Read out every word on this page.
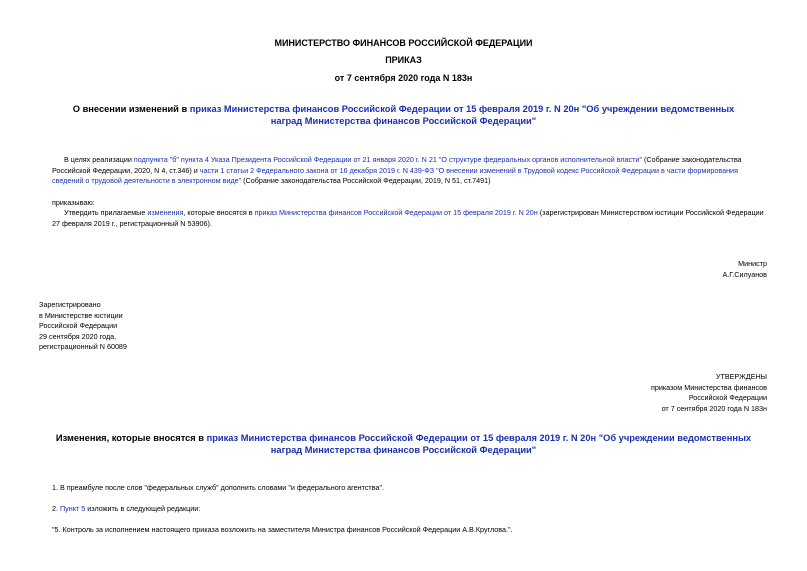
МИНИСТЕРСТВО ФИНАНСОВ РОССИЙСКОЙ ФЕДЕРАЦИИ
ПРИКАЗ
от 7 сентября 2020 года N 183н
О внесении изменений в приказ Министерства финансов Российской Федерации от 15 февраля 2019 г. N 20н "Об учреждении ведомственных наград Министерства финансов Российской Федерации"
В целях реализации подпункта "б" пункта 4 Указа Президента Российской Федерации от 21 января 2020 г. N 21 "О структуре федеральных органов исполнительной власти" (Собрание законодательства Российской Федерации, 2020, N 4, ст.346) и части 1 статьи 2 Федерального закона от 16 декабря 2019 г. N 439-ФЗ "О внесении изменений в Трудовой кодекс Российской Федерации в части формирования сведений о трудовой деятельности в электронном виде" (Собрание законодательства Российской Федерации, 2019, N 51, ст.7491)
приказываю:
Утвердить прилагаемые изменения, которые вносятся в приказ Министерства финансов Российской Федерации от 15 февраля 2019 г. N 20н (зарегистрирован Министерством юстиции Российской Федерации 27 февраля 2019 г., регистрационный N 53906).
Министр
А.Г.Силуанов
Зарегистрировано
в Министерстве юстиции
Российской Федерации
29 сентября 2020 года,
регистрационный N 60089
УТВЕРЖДЕНЫ
приказом Министерства финансов
Российской Федерации
от 7 сентября 2020 года N 183н
Изменения, которые вносятся в приказ Министерства финансов Российской Федерации от 15 февраля 2019 г. N 20н "Об учреждении ведомственных наград Министерства финансов Российской Федерации"
1. В преамбуле после слов "федеральных служб" дополнить словами "и федерального агентства".
2. Пункт 5 изложить в следующей редакции:
"5. Контроль за исполнением настоящего приказа возложить на заместителя Министра финансов Российской Федерации А.В.Круглова.".
